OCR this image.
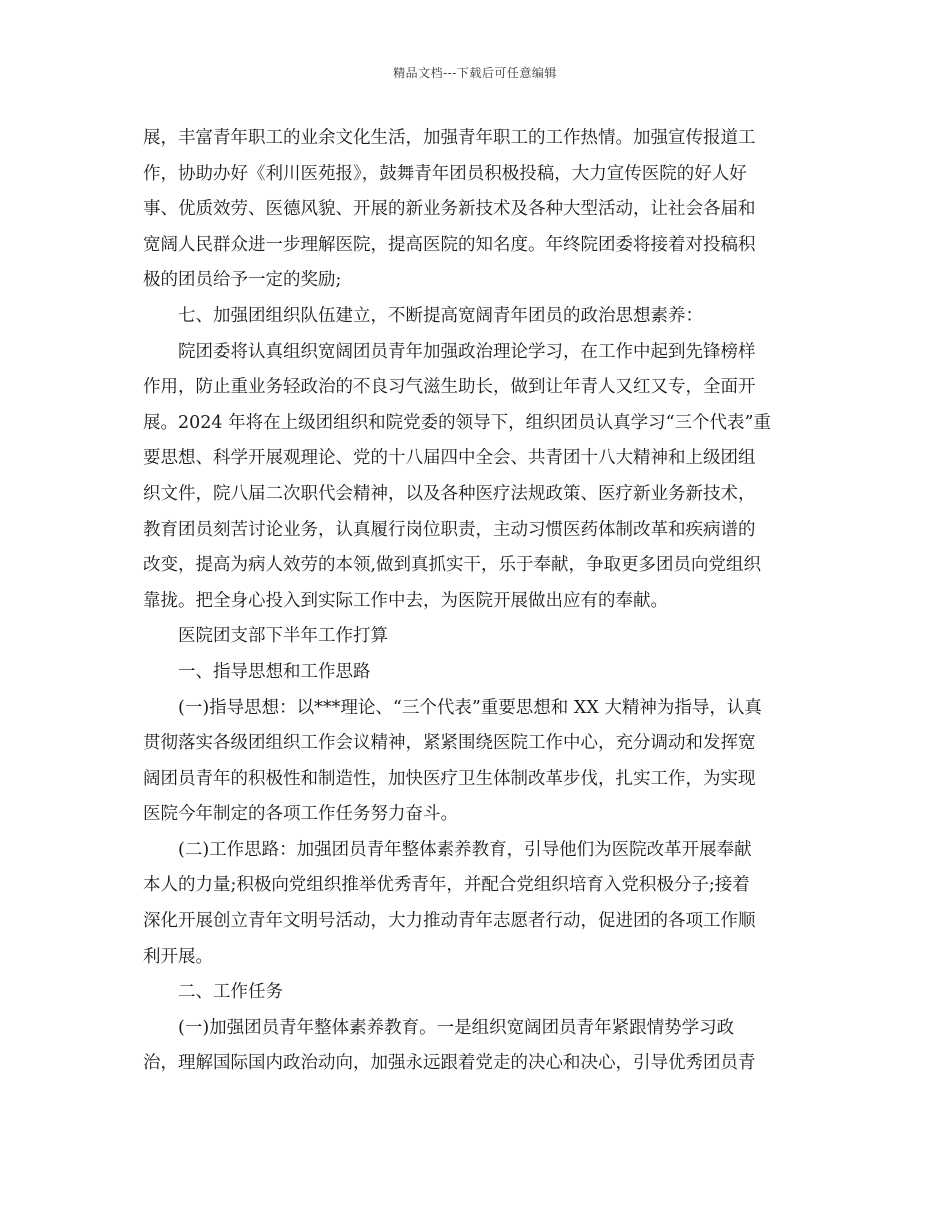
精品文档---下载后可任意编辑
展，丰富青年职工的业余文化生活，加强青年职工的工作热情。加强宣传报道工
作，协助办好《利川医苑报》，鼓舞青年团员积极投稿，大力宣传医院的好人好
事、优质效劳、医德风貌、开展的新业务新技术及各种大型活动，让社会各届和
宽阔人民群众进一步理解医院，提高医院的知名度。年终院团委将接着对投稿积
极的团员给予一定的奖励;
七、加强团组织队伍建立，不断提高宽阔青年团员的政治思想素养：
院团委将认真组织宽阔团员青年加强政治理论学习，在工作中起到先锋榜样
作用，防止重业务轻政治的不良习气滋生助长，做到让年青人又红又专，全面开
展。2024 年将在上级团组织和院党委的领导下，组织团员认真学习“三个代表”重
要思想、科学开展观理论、党的十八届四中全会、共青团十八大精神和上级团组
织文件，院八届二次职代会精神，以及各种医疗法规政策、医疗新业务新技术，
教育团员刻苦讨论业务，认真履行岗位职责，主动习惯医药体制改革和疾病谱的
改变，提高为病人效劳的本领,做到真抓实干，乐于奉献，争取更多团员向党组织
靠拢。把全身心投入到实际工作中去，为医院开展做出应有的奉献。
医院团支部下半年工作打算
一、指导思想和工作思路
(一)指导思想：以***理论、“三个代表”重要思想和 XX 大精神为指导，认真
贯彻落实各级团组织工作会议精神，紧紧围绕医院工作中心，充分调动和发挥宽
阔团员青年的积极性和制造性，加快医疗卫生体制改革步伐，扎实工作，为实现
医院今年制定的各项工作任务努力奋斗。
(二)工作思路：加强团员青年整体素养教育，引导他们为医院改革开展奉献
本人的力量;积极向党组织推举优秀青年，并配合党组织培育入党积极分子;接着
深化开展创立青年文明号活动，大力推动青年志愿者行动，促进团的各项工作顺
利开展。
二、工作任务
(一)加强团员青年整体素养教育。一是组织宽阔团员青年紧跟情势学习政
治，理解国际国内政治动向，加强永远跟着党走的决心和决心，引导优秀团员青
